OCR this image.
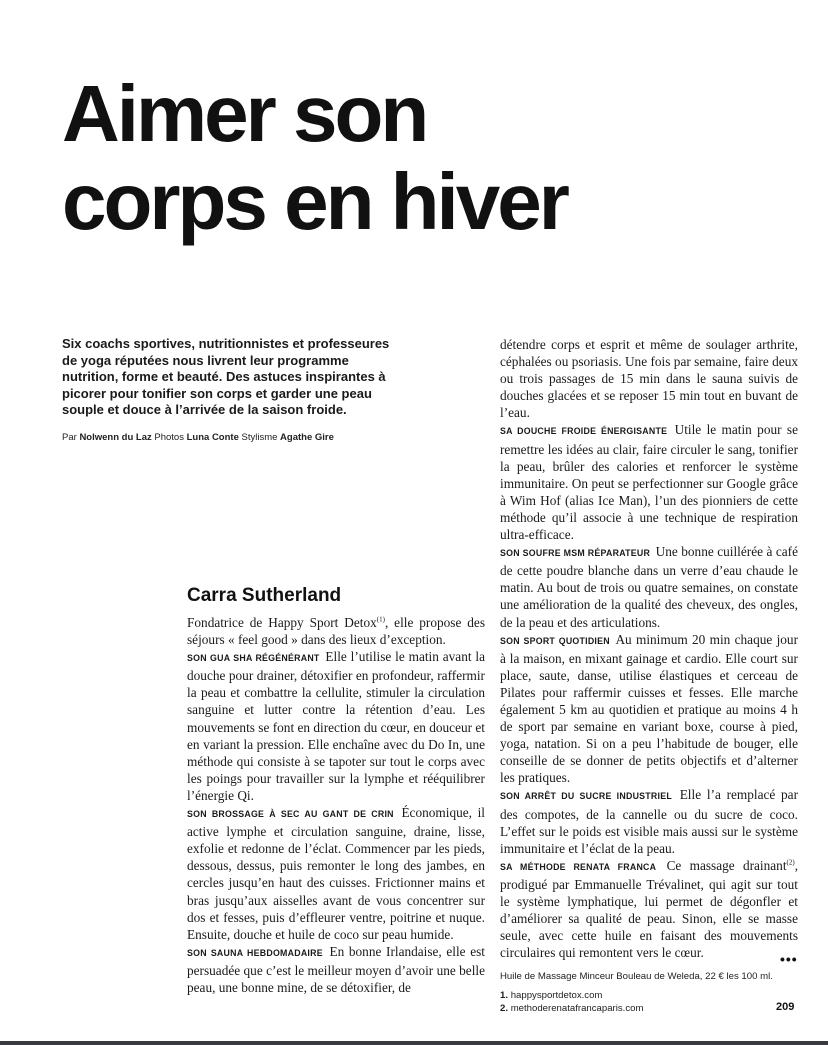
Aimer son
corps en hiver
Six coachs sportives, nutritionnistes et professeures de yoga réputées nous livrent leur programme nutrition, forme et beauté. Des astuces inspirantes à picorer pour tonifier son corps et garder une peau souple et douce à l’arrivée de la saison froide.
Par Nolwenn du Laz Photos Luna Conte Stylisme Agathe Gire
Carra Sutherland

Fondatrice de Happy Sport Detox$^{(1)}$, elle propose des séjours « feel good » dans des lieux d’exception.

SON GUA SHA RÉGÉNÉRANT Elle l’utilise le matin avant la douche pour drainer, détoxifier en profondeur, raffermir la peau et combattre la cellulite, stimuler la circulation sanguine et lutter contre la rétention d’eau. Les mouvements se font en direction du cœur, en douceur et en variant la pression. Elle enchaîne avec du Do In, une méthode qui consiste à se tapoter sur tout le corps avec les poings pour travailler sur la lymphe et rééquilibrer l’énergie Qi.

SON BROSSAGE À SEC AU GANT DE CRIN Économique, il active lymphe et circulation sanguine, draine, lisse, exfolie et redonne de l’éclat. Commencer par les pieds, dessous, dessus, puis remonter le long des jambes, en cercles jusqu’en haut des cuisses. Frictionner mains et bras jusqu’aux aisselles avant de vous concentrer sur dos et fesses, puis d’effleurer ventre, poitrine et nuque. Ensuite, douche et huile de coco sur peau humide.

SON SAUNA HEBDOMADAIRE En bonne Irlandaise, elle est persuadée que c’est le meilleur moyen d’avoir une belle peau, une bonne mine, de se détoxifier, de

détendre corps et esprit et même de soulager arthrite, céphalées ou psoriasis. Une fois par semaine, faire deux ou trois passages de 15 min dans le sauna suivis de douches glacées et se reposer 15 min tout en buvant de l’eau.

SA DOUCHE FROIDE ÉNERGISANTE Utile le matin pour se remettre les idées au clair, faire circuler le sang, tonifier la peau, brûler des calories et renforcer le système immunitaire. On peut se perfectionner sur Google grâce à Wim Hof (alias Ice Man), l’un des pionniers de cette méthode qu’il associe à une technique de respiration ultra-efficace.

SON SOUFRE MSM RÉPARATEUR Une bonne cuillérée à café de cette poudre blanche dans un verre d’eau chaude le matin. Au bout de trois ou quatre semaines, on constate une amélioration de la qualité des cheveux, des ongles, de la peau et des articulations.

SON SPORT QUOTIDIEN Au minimum 20 min chaque jour à la maison, en mixant gainage et cardio. Elle court sur place, saute, danse, utilise élastiques et cerceau de Pilates pour raffermir cuisses et fesses. Elle marche également 5 km au quotidien et pratique au moins 4 h de sport par semaine en variant boxe, course à pied, yoga, natation. Si on a peu l’habitude de bouger, elle conseille de se donner de petits objectifs et d’alterner les pratiques.

SON ARRÊT DU SUCRE INDUSTRIEL Elle l’a remplacé par des compotes, de la cannelle ou du sucre de coco. L’effet sur le poids est visible mais aussi sur le système immunitaire et l’éclat de la peau.

SA MÉTHODE RENATA FRANCA Ce massage drainant$^{(2)}$, prodigué par Emmanuelle Trévalinet, qui agit sur tout le système lymphatique, lui permet de dégonfler et d’améliorer sa qualité de peau. Sinon, elle se masse seule, avec cette huile en faisant des mouvements circulaires qui remontent vers le cœur.	•••
Huile de Massage Minceur Bouleau de Weleda, 22 € les 100 ml.
1. happysportdetox.com
2. methoderenatafrancaparis.com	209
